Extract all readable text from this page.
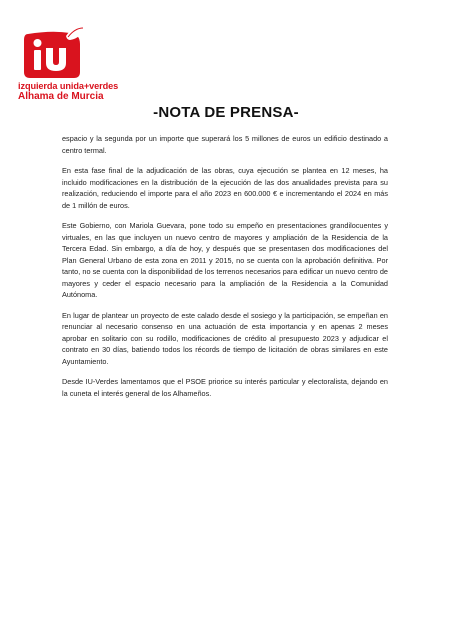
izquierda unida+verdes
Alhama de Murcia
-NOTA DE PRENSA-

espacio y la segunda por un importe que superará los 5 millones de euros un edificio destinado a centro termal.

En esta fase final de la adjudicación de las obras, cuya ejecución se plantea en 12 meses, ha incluido modificaciones en la distribución de la ejecución de las dos anualidades prevista para su realización, reduciendo el importe para el año 2023 en 600.000 € e incrementando el 2024 en más de 1 millón de euros.

Este Gobierno, con Mariola Guevara, pone todo su empeño en presentaciones grandilocuentes y virtuales, en las que incluyen un nuevo centro de mayores y ampliación de la Residencia de la Tercera Edad. Sin embargo, a día de hoy, y después que se presentasen dos modificaciones del Plan General Urbano de esta zona en 2011 y 2015, no se cuenta con la aprobación definitiva. Por tanto, no se cuenta con la disponibilidad de los terrenos necesarios para edificar un nuevo centro de mayores y ceder el espacio necesario para la ampliación de la Residencia a la Comunidad Autónoma.

En lugar de plantear un proyecto de este calado desde el sosiego y la participación, se empeñan en renunciar al necesario consenso en una actuación de esta importancia y en apenas 2 meses aprobar en solitario con su rodillo, modificaciones de crédito al presupuesto 2023 y adjudicar el contrato en 30 días, batiendo todos los récords de tiempo de licitación de obras similares en este Ayuntamiento.

Desde IU-Verdes lamentamos que el PSOE priorice su interés particular y electoralista, dejando en la cuneta el interés general de los Alhameños.
